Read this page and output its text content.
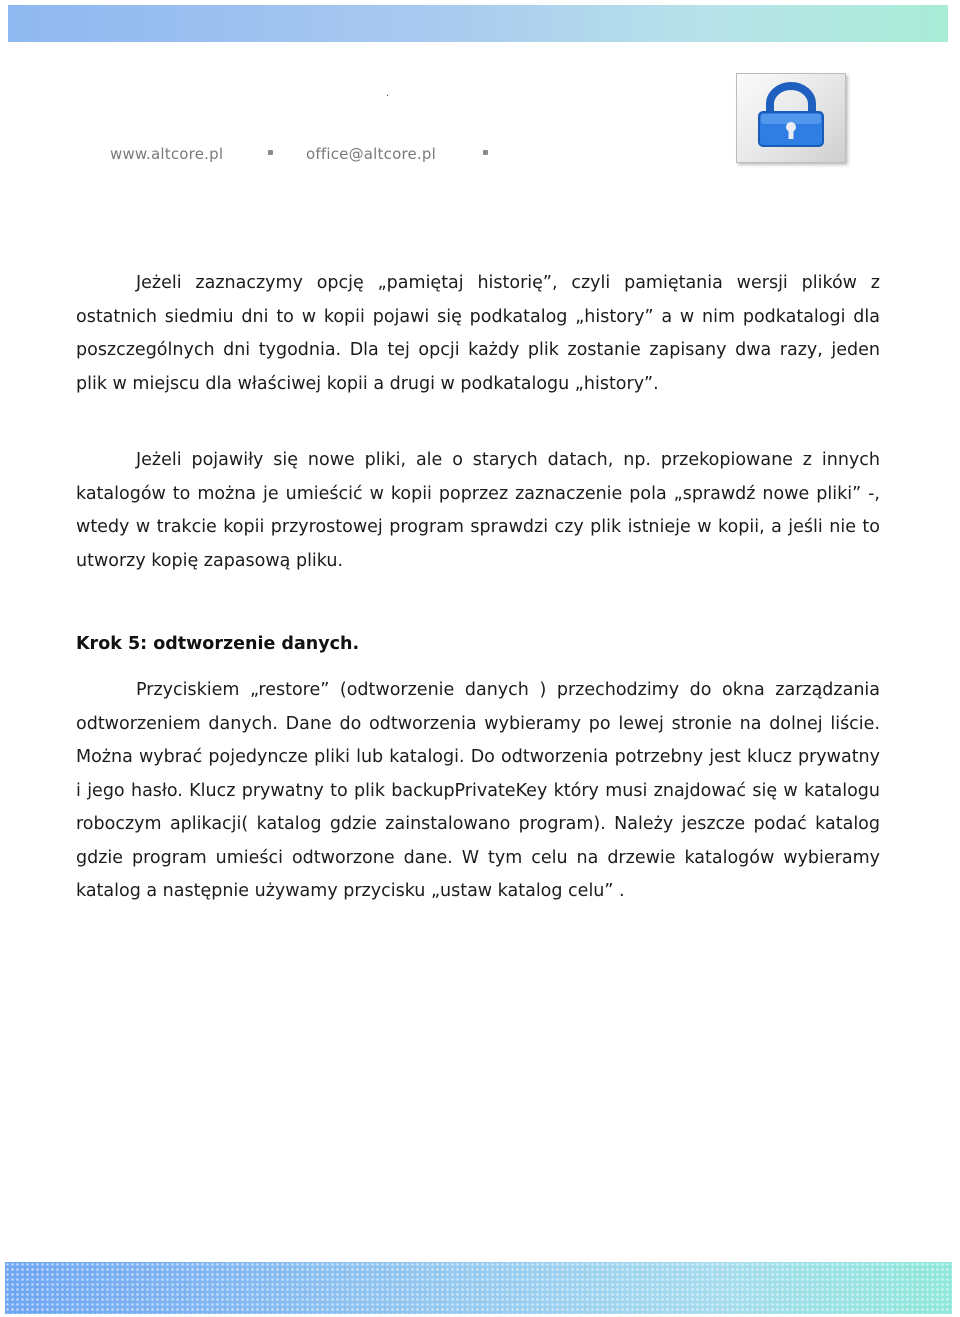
.
www.altcore.pl	office@altcore.pl
Jeżeli zaznaczymy opcję „pamiętaj historię”, czyli pamiętania wersji plików z ostatnich siedmiu dni to w kopii pojawi się podkatalog „history” a w nim podkatalogi dla poszczególnych dni tygodnia. Dla tej opcji każdy plik zostanie zapisany dwa razy, jeden plik w miejscu dla właściwej kopii a drugi w podkatalogu „history”.
Jeżeli pojawiły się nowe pliki, ale o starych datach, np. przekopiowane z innych katalogów to można je umieścić w kopii poprzez zaznaczenie pola „sprawdź nowe pliki” -, wtedy w trakcie kopii przyrostowej program sprawdzi czy plik istnieje w kopii, a jeśli nie to utworzy kopię zapasową pliku.
Krok 5: odtworzenie danych.
Przyciskiem „restore” (odtworzenie danych ) przechodzimy do okna zarządzania odtworzeniem danych. Dane do odtworzenia wybieramy po lewej stronie na dolnej liście. Można wybrać pojedyncze pliki lub katalogi. Do odtworzenia potrzebny jest klucz prywatny i jego hasło. Klucz prywatny to plik backupPrivateKey który musi znajdować się w katalogu roboczym aplikacji( katalog gdzie zainstalowano program). Należy jeszcze podać katalog gdzie program umieści odtworzone dane. W tym celu na drzewie katalogów wybieramy katalog a następnie używamy przycisku „ustaw katalog celu” .
